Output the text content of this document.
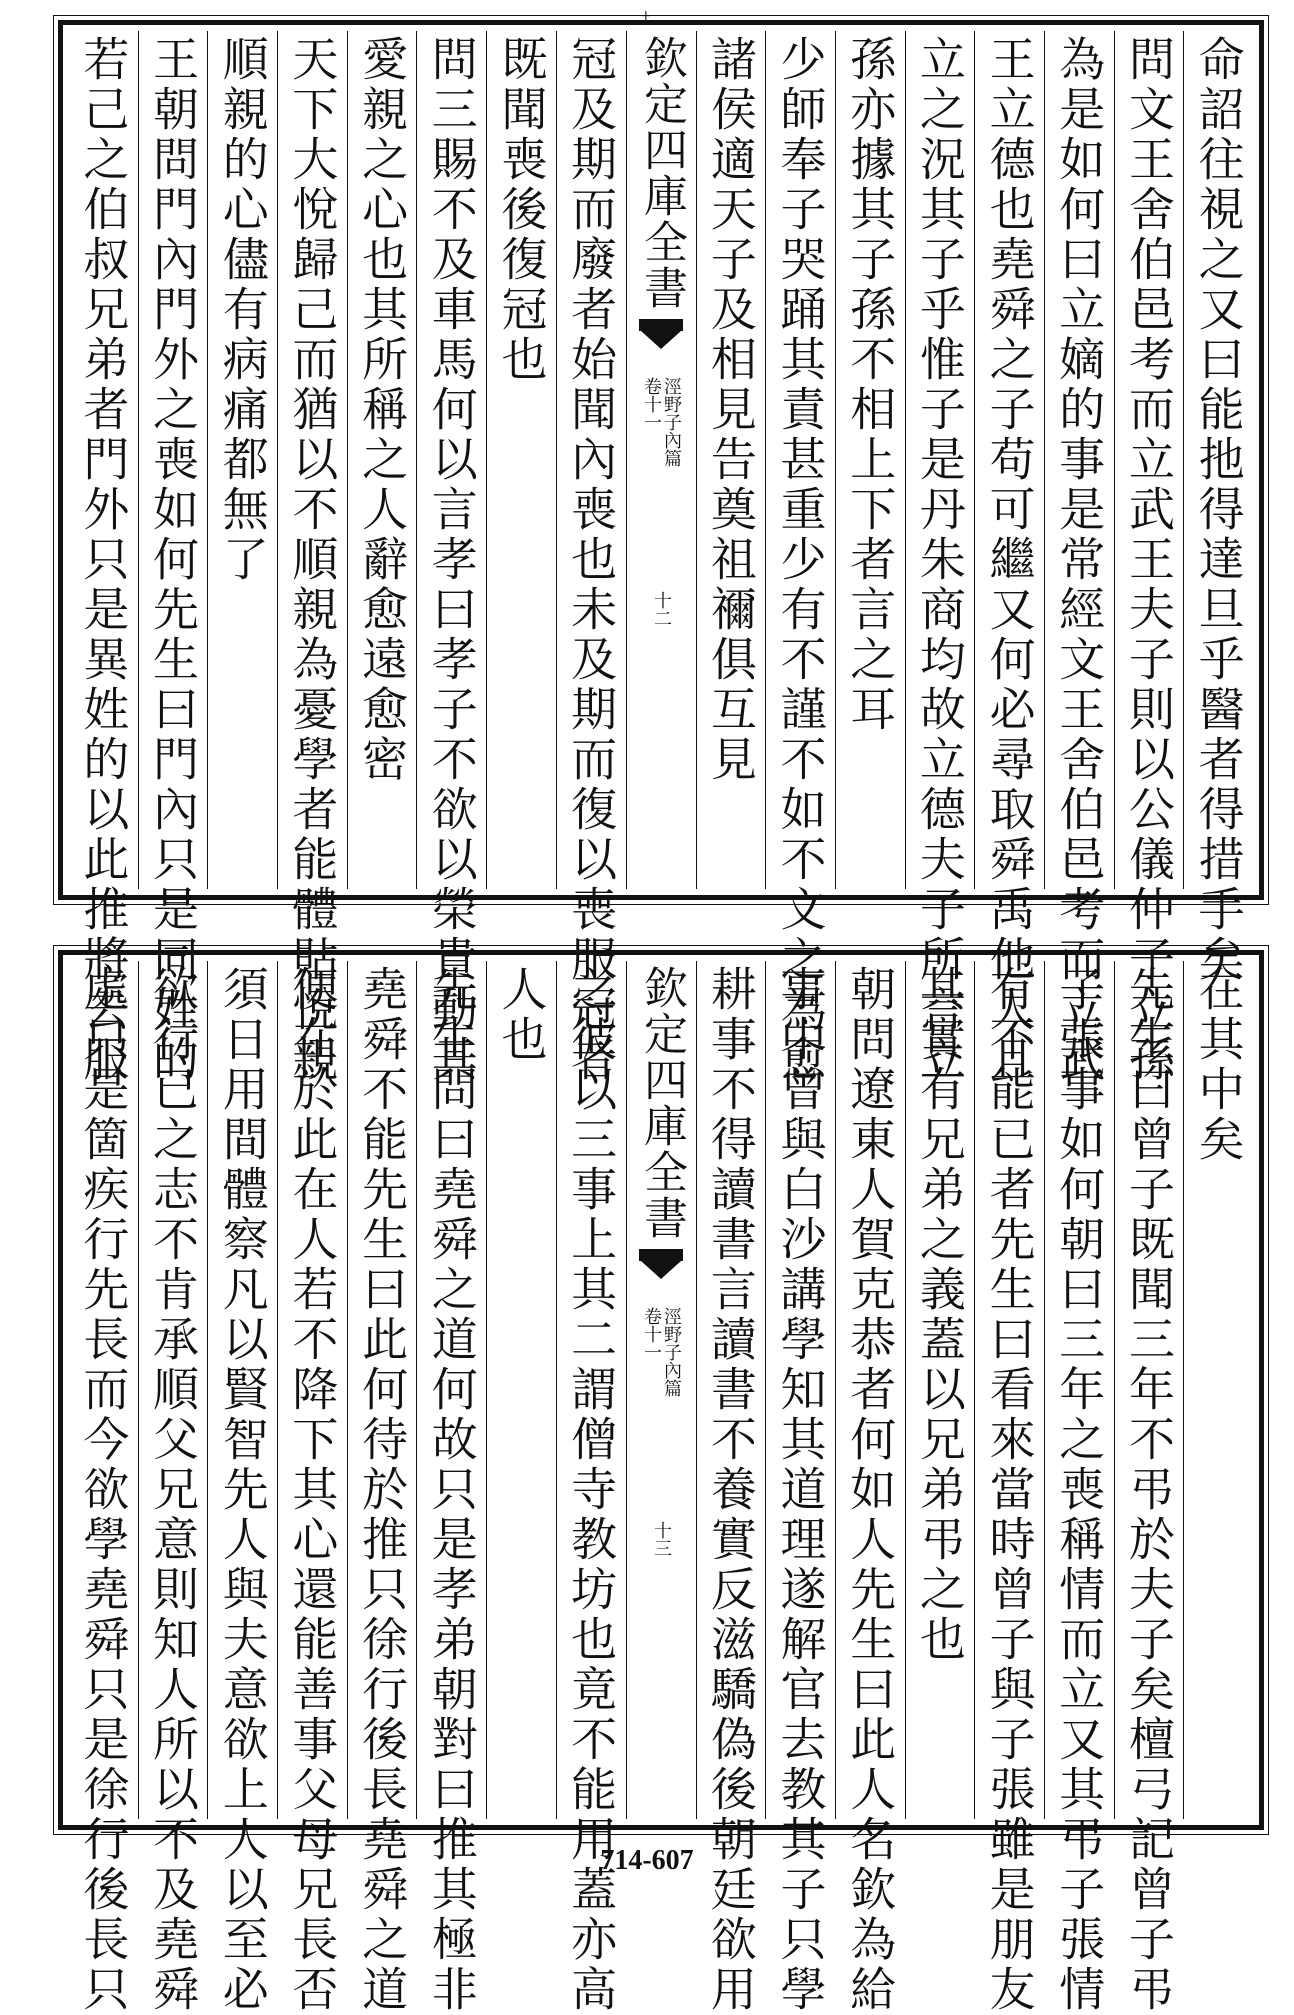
+
命詔往視之又曰能扡得達旦乎醫者得措手矣
問文王舍伯邑考而立武王夫子則以公儀仲子立孫
為是如何曰立嫡的事是常經文王舍伯邑考而立武
王立德也堯舜之子苟可繼又何必尋取舜禹他人且
立之況其子乎惟子是丹朱商均故立德夫子所言立
孫亦據其子孫不相上下者言之耳
少師奉子哭踊其責甚重少有不謹不如不文之為愈
諸侯適天子及相見告奠祖禰俱互見
欽定四庫全書
涇野子內篇
卷十一
十二
冠及期而廢者始聞內喪也未及期而復以喪服冠者
既聞喪後復冠也
問三賜不及車馬何以言孝曰孝子不欲以榮貴動其
愛親之心也其所稱之人辭愈遠愈密
天下大悅歸己而猶以不順親為憂學者能體貼悅親
順親的心儘有病痛都無了
王朝問門內門外之喪如何先生曰門內只是同姓的
若己之伯叔兄弟者門外只是異姓的以此推將去服	在其中矣
先生曰曾子既聞三年不弔於夫子矣檀弓記曾子弔
子張事如何朝曰三年之喪稱情而立又其弔子張情
有不能已者先生曰看來當時曾子與子張雖是朋友
其實有兄弟之義蓋以兄弟弔之也
朝問遼東人賀克恭者何如人先生曰此人名欽為給
事中曾與白沙講學知其道理遂解官去教其子只學
耕事不得讀書言讀書不養實反滋驕偽後朝廷欲用
欽定四庫全書
涇野子內篇
卷十一
十三
之彼以三事上其二謂僧寺教坊也竟不能用蓋亦高
人也
先生問曰堯舜之道何故只是孝弟朝對曰推其極非
堯舜不能先生曰此何待於推只徐行後長堯舜之道
便在於此在人若不降下其心還能善事父母兄長否
須日用間體察凡以賢智先人與夫意欲上人以至必
欲行已之志不肯承順父兄意則知人所以不及堯舜
處只是箇疾行先長而今欲學堯舜只是徐行後長只	714-607
